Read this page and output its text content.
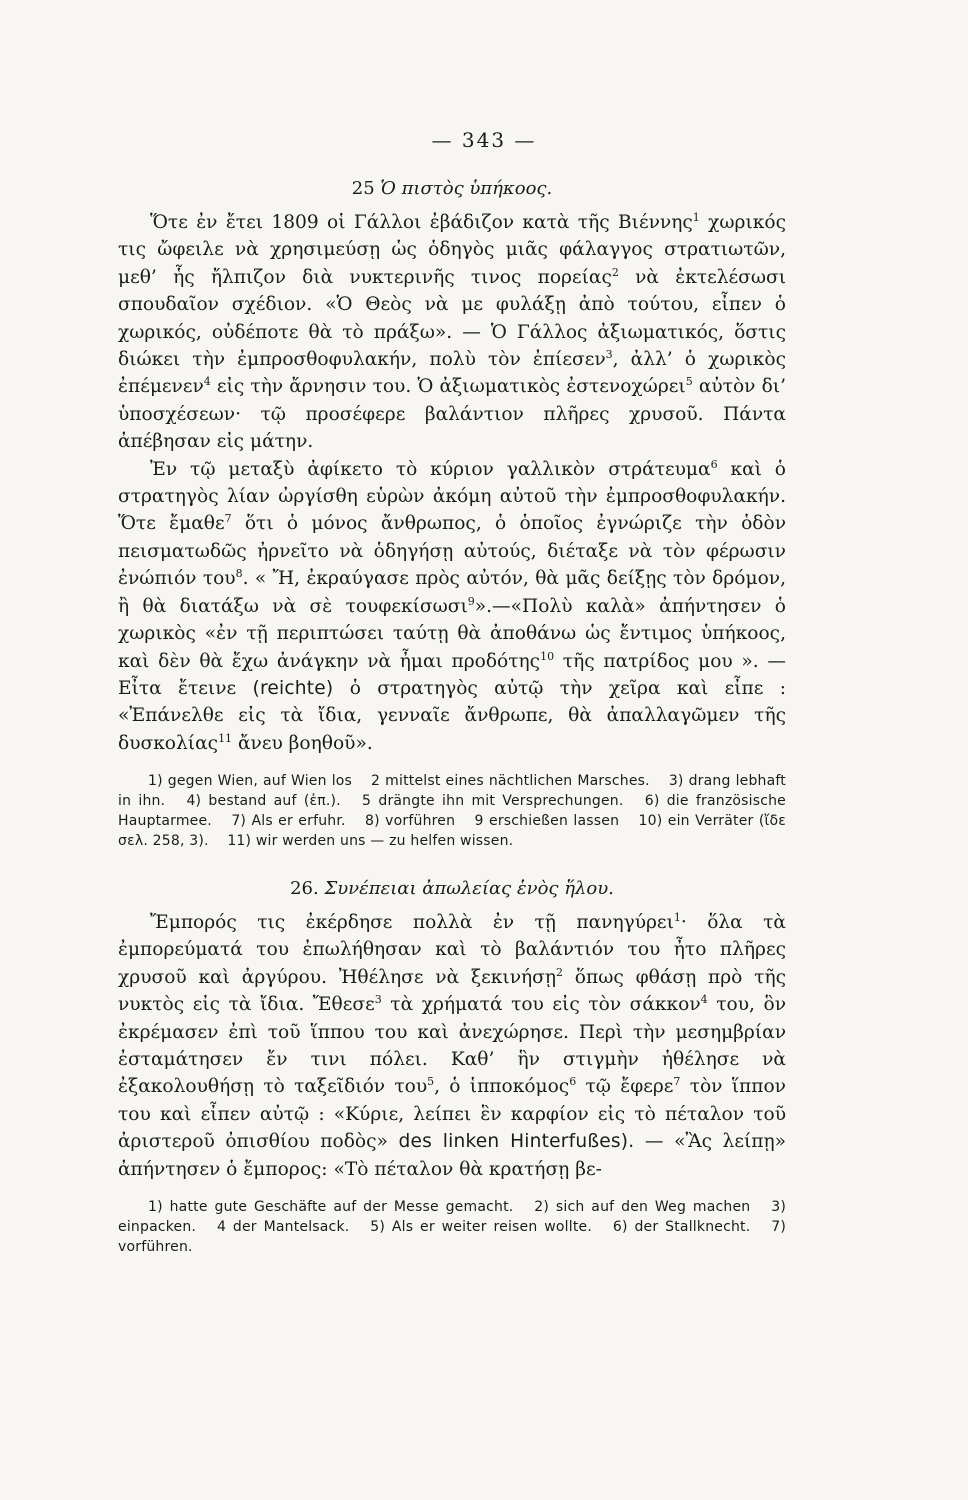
— 343 —
25 Ὁ πιστὸς ὑπήκοος.

Ὅτε ἐν ἔτει 1809 οἱ Γάλλοι ἐβάδιζον κατὰ τῆς Βιέννης$^1$ χωρικός τις ὤφειλε νὰ χρησιμεύσῃ ὡς ὁδηγὸς μιᾶς φάλαγγος στρατιωτῶν, μεθ’ ἧς ἤλπιζον διὰ νυκτερινῆς τινος πορείας$^2$ νὰ ἐκτελέσωσι σπουδαῖον σχέδιον. «Ὁ Θεὸς νὰ με φυλάξῃ ἀπὸ τούτου, εἶπεν ὁ χωρικός, οὐδέποτε θὰ τὸ πράξω». — Ὁ Γάλλος ἀξιωματικός, ὅστις διώκει τὴν ἐμπροσθοφυλακήν, πολὺ τὸν ἐπίεσεν$^3$, ἀλλ’ ὁ χωρικὸς ἐπέμενεν$^4$ εἰς τὴν ἄρνησιν του. Ὁ ἀξιωματικὸς ἐστενοχώρει$^5$ αὐτὸν δι’ ὑποσχέσεων· τῷ προσέφερε βαλάντιον πλῆρες χρυσοῦ. Πάντα ἀπέβησαν εἰς μάτην.

Ἐν τῷ μεταξὺ ἀφίκετο τὸ κύριον γαλλικὸν στράτευμα$^6$ καὶ ὁ στρατηγὸς λίαν ὠργίσθη εὑρὼν ἀκόμη αὐτοῦ τὴν ἐμπροσθοφυλακήν. Ὅτε ἔμαθε$^7$ ὅτι ὁ μόνος ἄνθρωπος, ὁ ὁποῖος ἐγνώριζε τὴν ὁδὸν πεισματωδῶς ἠρνεῖτο νὰ ὁδηγήσῃ αὐτούς, διέταξε νὰ τὸν φέρωσιν ἐνώπιόν του$^8$. « Ἤ, ἐκραύγασε πρὸς αὐτόν, θὰ μᾶς δείξῃς τὸν δρόμον, ἢ θὰ διατάξω νὰ σὲ τουφεκίσωσι$^9$».—«Πολὺ καλὰ» ἀπήντησεν ὁ χωρικὸς «ἐν τῇ περιπτώσει ταύτῃ θὰ ἀποθάνω ὡς ἔντιμος ὑπήκοος, καὶ δὲν θὰ ἔχω ἀνάγκην νὰ ἦμαι προδότης$^{10}$ τῆς πατρίδος μου ». — Εἶτα ἔτεινε (reichte) ὁ στρατηγὸς αὐτῷ τὴν χεῖρα καὶ εἶπε : «Ἐπάνελθε εἰς τὰ ἴδια, γενναῖε ἄνθρωπε, θὰ ἀπαλλαγῶμεν τῆς δυσκολίας$^{11}$ ἄνευ βοηθοῦ».

1) gegen Wien, auf Wien los 2 mittelst eines nächtlichen Marsches. 3) drang lebhaft in ihn. 4) bestand auf (ἐπ.). 5 drängte ihn mit Versprechungen. 6) die französische Hauptarmee. 7) Als er erfuhr. 8) vorführen 9 erschießen lassen 10) ein Verräter (ἴδε σελ. 258, 3). 11) wir werden uns — zu helfen wissen.
26. Συνέπειαι ἀπωλείας ἑνὸς ἥλου.

Ἔμπορός τις ἐκέρδησε πολλὰ ἐν τῇ πανηγύρει$^1$· ὅλα τὰ ἐμπορεύματά του ἐπωλήθησαν καὶ τὸ βαλάντιόν του ἦτο πλῆρες χρυσοῦ καὶ ἀργύρου. Ἠθέλησε νὰ ξεκινήσῃ$^2$ ὅπως φθάσῃ πρὸ τῆς νυκτὸς εἰς τὰ ἴδια. Ἔθεσε$^3$ τὰ χρήματά του εἰς τὸν σάκκον$^4$ του, ὃν ἐκρέμασεν ἐπὶ τοῦ ἵππου του καὶ ἀνεχώρησε. Περὶ τὴν μεσημβρίαν ἐσταμάτησεν ἔν τινι πόλει. Καθ’ ἣν στιγμὴν ἠθέλησε νὰ ἐξακολουθήσῃ τὸ ταξεῖδιόν του$^5$, ὁ ἱπποκόμος$^6$ τῷ ἔφερε$^7$ τὸν ἵππον του καὶ εἶπεν αὐτῷ : «Κύριε, λείπει ἓν καρφίον εἰς τὸ πέταλον τοῦ ἀριστεροῦ ὀπισθίου ποδὸς» des linken Hinterfußes). — «Ἂς λείπῃ» ἀπήντησεν ὁ ἔμπορος: «Τὸ πέταλον θὰ κρατήσῃ βε-

1) hatte gute Geschäfte auf der Messe gemacht. 2) sich auf den Weg machen 3) einpacken. 4 der Mantelsack. 5) Als er weiter reisen wollte. 6) der Stallknecht. 7) vorführen.
